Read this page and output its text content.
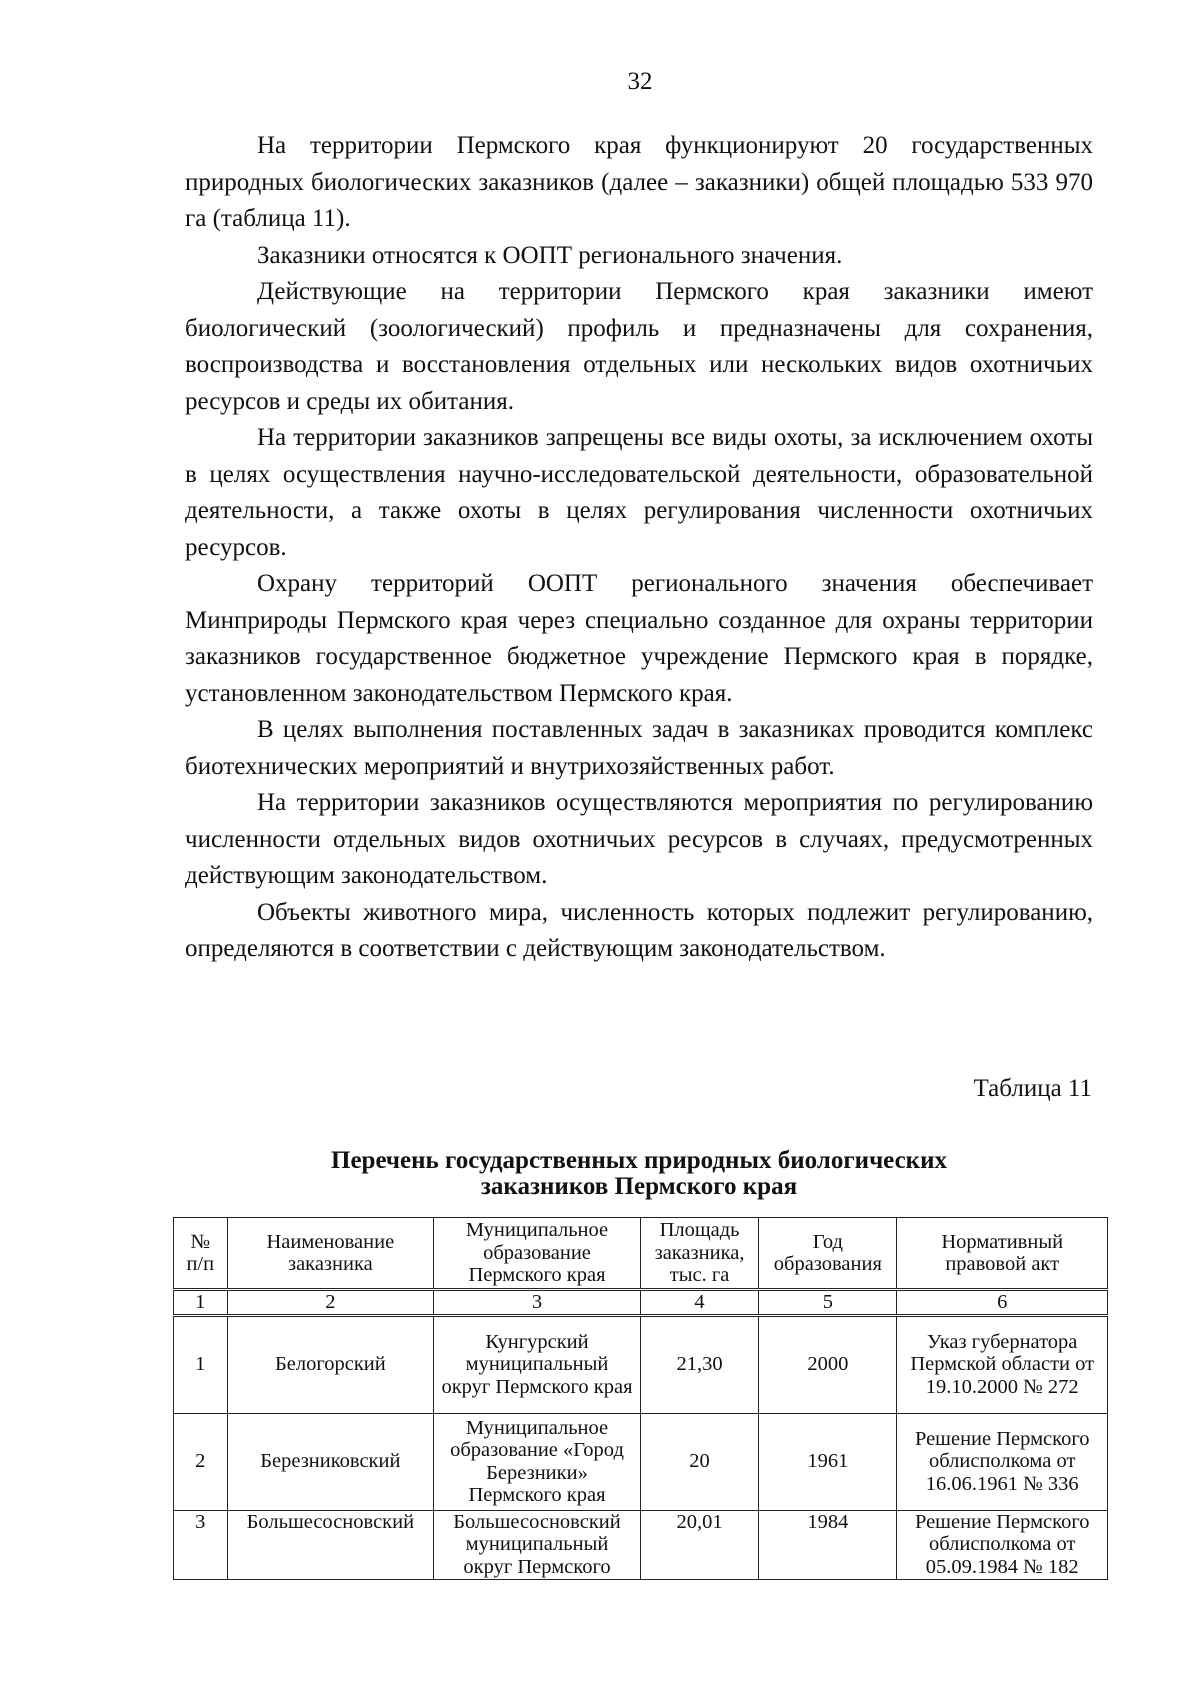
32

На территории Пермского края функционируют 20 государственных природных биологических заказников (далее – заказники) общей площадью 533 970 га (таблица 11).

Заказники относятся к ООПТ регионального значения.

Действующие на территории Пермского края заказники имеют биологический (зоологический) профиль и предназначены для сохранения, воспроизводства и восстановления отдельных или нескольких видов охотничьих ресурсов и среды их обитания.

На территории заказников запрещены все виды охоты, за исключением охоты в целях осуществления научно-исследовательской деятельности, образовательной деятельности, а также охоты в целях регулирования численности охотничьих ресурсов.

Охрану территорий ООПТ регионального значения обеспечивает Минприроды Пермского края через специально созданное для охраны территории заказников государственное бюджетное учреждение Пермского края в порядке, установленном законодательством Пермского края.

В целях выполнения поставленных задач в заказниках проводится комплекс биотехнических мероприятий и внутрихозяйственных работ.

На территории заказников осуществляются мероприятия по регулированию численности отдельных видов охотничьих ресурсов в случаях, предусмотренных действующим законодательством.

Объекты животного мира, численность которых подлежит регулированию, определяются в соответствии с действующим законодательством.

Таблица 11
Перечень государственных природных биологических
заказников Пермского края
№ п/п	Наименование заказника	Муниципальное образование Пермского края	Площадь заказника, тыс. га	Год образования	Нормативный правовой акт
1	2	3	4	5	6
1	Белогорский	Кунгурский муниципальный округ Пермского края	21,30	2000	Указ губернатора Пермской области от 19.10.2000 № 272
2	Березниковский	Муниципальное образование «Город Березники» Пермского края	20	1961	Решение Пермского облисполкома от 16.06.1961 № 336
3	Большесосновский	Большесосновский муниципальный округ Пермского	20,01	1984	Решение Пермского облисполкома от 05.09.1984 № 182
